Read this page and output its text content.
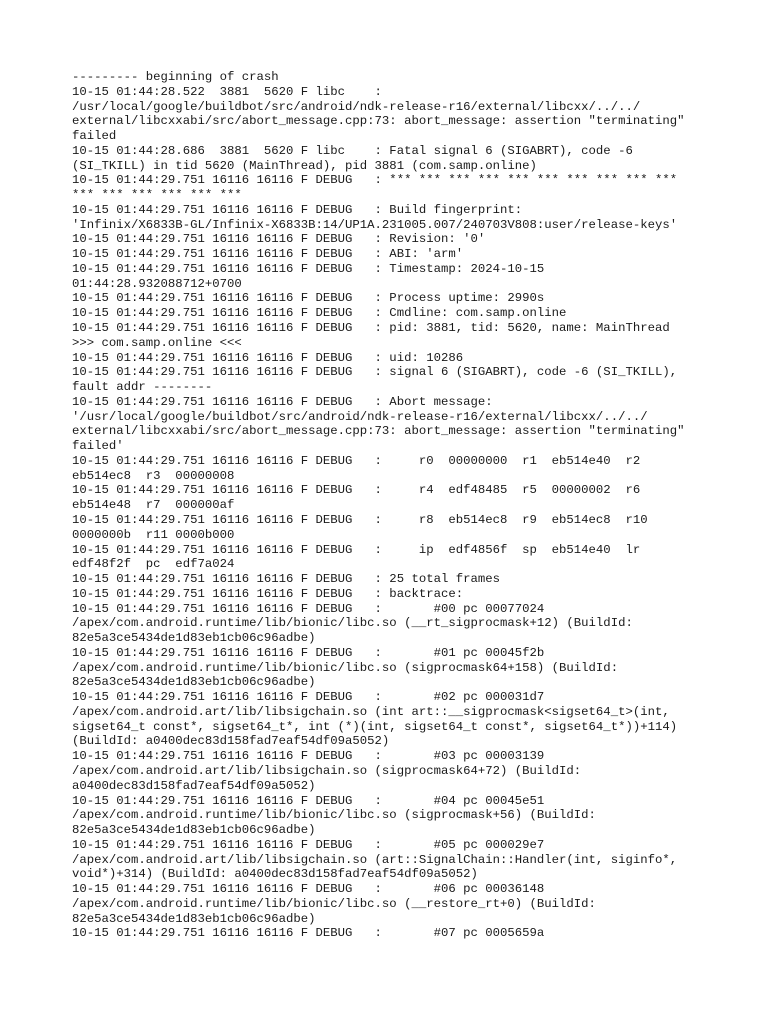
--------- beginning of crash
10-15 01:44:28.522  3881  5620 F libc    :
/usr/local/google/buildbot/src/android/ndk-release-r16/external/libcxx/../../
external/libcxxabi/src/abort_message.cpp:73: abort_message: assertion "terminating"
failed
10-15 01:44:28.686  3881  5620 F libc    : Fatal signal 6 (SIGABRT), code -6
(SI_TKILL) in tid 5620 (MainThread), pid 3881 (com.samp.online)
10-15 01:44:29.751 16116 16116 F DEBUG   : *** *** *** *** *** *** *** *** *** ***
*** *** *** *** *** ***
10-15 01:44:29.751 16116 16116 F DEBUG   : Build fingerprint:
'Infinix/X6833B-GL/Infinix-X6833B:14/UP1A.231005.007/240703V808:user/release-keys'
10-15 01:44:29.751 16116 16116 F DEBUG   : Revision: '0'
10-15 01:44:29.751 16116 16116 F DEBUG   : ABI: 'arm'
10-15 01:44:29.751 16116 16116 F DEBUG   : Timestamp: 2024-10-15
01:44:28.932088712+0700
10-15 01:44:29.751 16116 16116 F DEBUG   : Process uptime: 2990s
10-15 01:44:29.751 16116 16116 F DEBUG   : Cmdline: com.samp.online
10-15 01:44:29.751 16116 16116 F DEBUG   : pid: 3881, tid: 5620, name: MainThread
>>> com.samp.online <<<
10-15 01:44:29.751 16116 16116 F DEBUG   : uid: 10286
10-15 01:44:29.751 16116 16116 F DEBUG   : signal 6 (SIGABRT), code -6 (SI_TKILL),
fault addr --------
10-15 01:44:29.751 16116 16116 F DEBUG   : Abort message:
'/usr/local/google/buildbot/src/android/ndk-release-r16/external/libcxx/../../
external/libcxxabi/src/abort_message.cpp:73: abort_message: assertion "terminating"
failed'
10-15 01:44:29.751 16116 16116 F DEBUG   :     r0  00000000  r1  eb514e40  r2
eb514ec8  r3  00000008
10-15 01:44:29.751 16116 16116 F DEBUG   :     r4  edf48485  r5  00000002  r6
eb514e48  r7  000000af
10-15 01:44:29.751 16116 16116 F DEBUG   :     r8  eb514ec8  r9  eb514ec8  r10
0000000b  r11 0000b000
10-15 01:44:29.751 16116 16116 F DEBUG   :     ip  edf4856f  sp  eb514e40  lr
edf48f2f  pc  edf7a024
10-15 01:44:29.751 16116 16116 F DEBUG   : 25 total frames
10-15 01:44:29.751 16116 16116 F DEBUG   : backtrace:
10-15 01:44:29.751 16116 16116 F DEBUG   :       #00 pc 00077024
/apex/com.android.runtime/lib/bionic/libc.so (__rt_sigprocmask+12) (BuildId:
82e5a3ce5434de1d83eb1cb06c96adbe)
10-15 01:44:29.751 16116 16116 F DEBUG   :       #01 pc 00045f2b
/apex/com.android.runtime/lib/bionic/libc.so (sigprocmask64+158) (BuildId:
82e5a3ce5434de1d83eb1cb06c96adbe)
10-15 01:44:29.751 16116 16116 F DEBUG   :       #02 pc 000031d7
/apex/com.android.art/lib/libsigchain.so (int art::__sigprocmask<sigset64_t>(int,
sigset64_t const*, sigset64_t*, int (*)(int, sigset64_t const*, sigset64_t*))+114)
(BuildId: a0400dec83d158fad7eaf54df09a5052)
10-15 01:44:29.751 16116 16116 F DEBUG   :       #03 pc 00003139
/apex/com.android.art/lib/libsigchain.so (sigprocmask64+72) (BuildId:
a0400dec83d158fad7eaf54df09a5052)
10-15 01:44:29.751 16116 16116 F DEBUG   :       #04 pc 00045e51
/apex/com.android.runtime/lib/bionic/libc.so (sigprocmask+56) (BuildId:
82e5a3ce5434de1d83eb1cb06c96adbe)
10-15 01:44:29.751 16116 16116 F DEBUG   :       #05 pc 000029e7
/apex/com.android.art/lib/libsigchain.so (art::SignalChain::Handler(int, siginfo*,
void*)+314) (BuildId: a0400dec83d158fad7eaf54df09a5052)
10-15 01:44:29.751 16116 16116 F DEBUG   :       #06 pc 00036148
/apex/com.android.runtime/lib/bionic/libc.so (__restore_rt+0) (BuildId:
82e5a3ce5434de1d83eb1cb06c96adbe)
10-15 01:44:29.751 16116 16116 F DEBUG   :       #07 pc 0005659a
